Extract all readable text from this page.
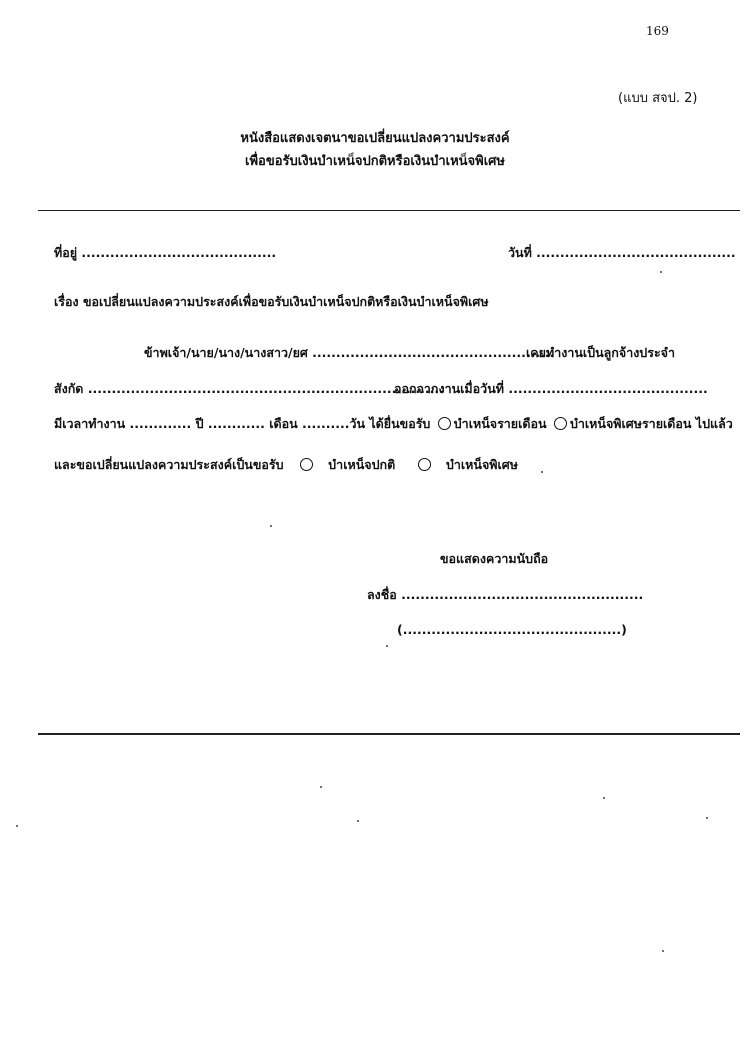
169
(แบบ สจป. 2)
หนังสือแสดงเจตนาขอเปลี่ยนแปลงความประสงค์
เพื่อขอรับเงินบำเหน็จปกติหรือเงินบำเหน็จพิเศษ
ที่อยู่ .........................................	วันที่ ..........................................
เรื่อง ขอเปลี่ยนแปลงความประสงค์เพื่อขอรับเงินบำเหน็จปกติหรือเงินบำเหน็จพิเศษ
ข้าพเจ้า/นาย/นาง/นางสาว/ยศ ...................................................
เคยทำงานเป็นลูกจ้างประจำ
สังกัด ...........................................................................
ออกจากงานเมื่อวันที่ ..........................................
มีเวลาทำงาน ............. ปี ............ เดือน ..........วัน ได้ยื่นขอรับ บำเหน็จรายเดือน บำเหน็จพิเศษรายเดือน ไปแล้ว
และขอเปลี่ยนแปลงความประสงค์เป็นขอรับ	บำเหน็จปกติ	บำเหน็จพิเศษ
ขอแสดงความนับถือ
ลงชื่อ ...................................................
(..............................................)
